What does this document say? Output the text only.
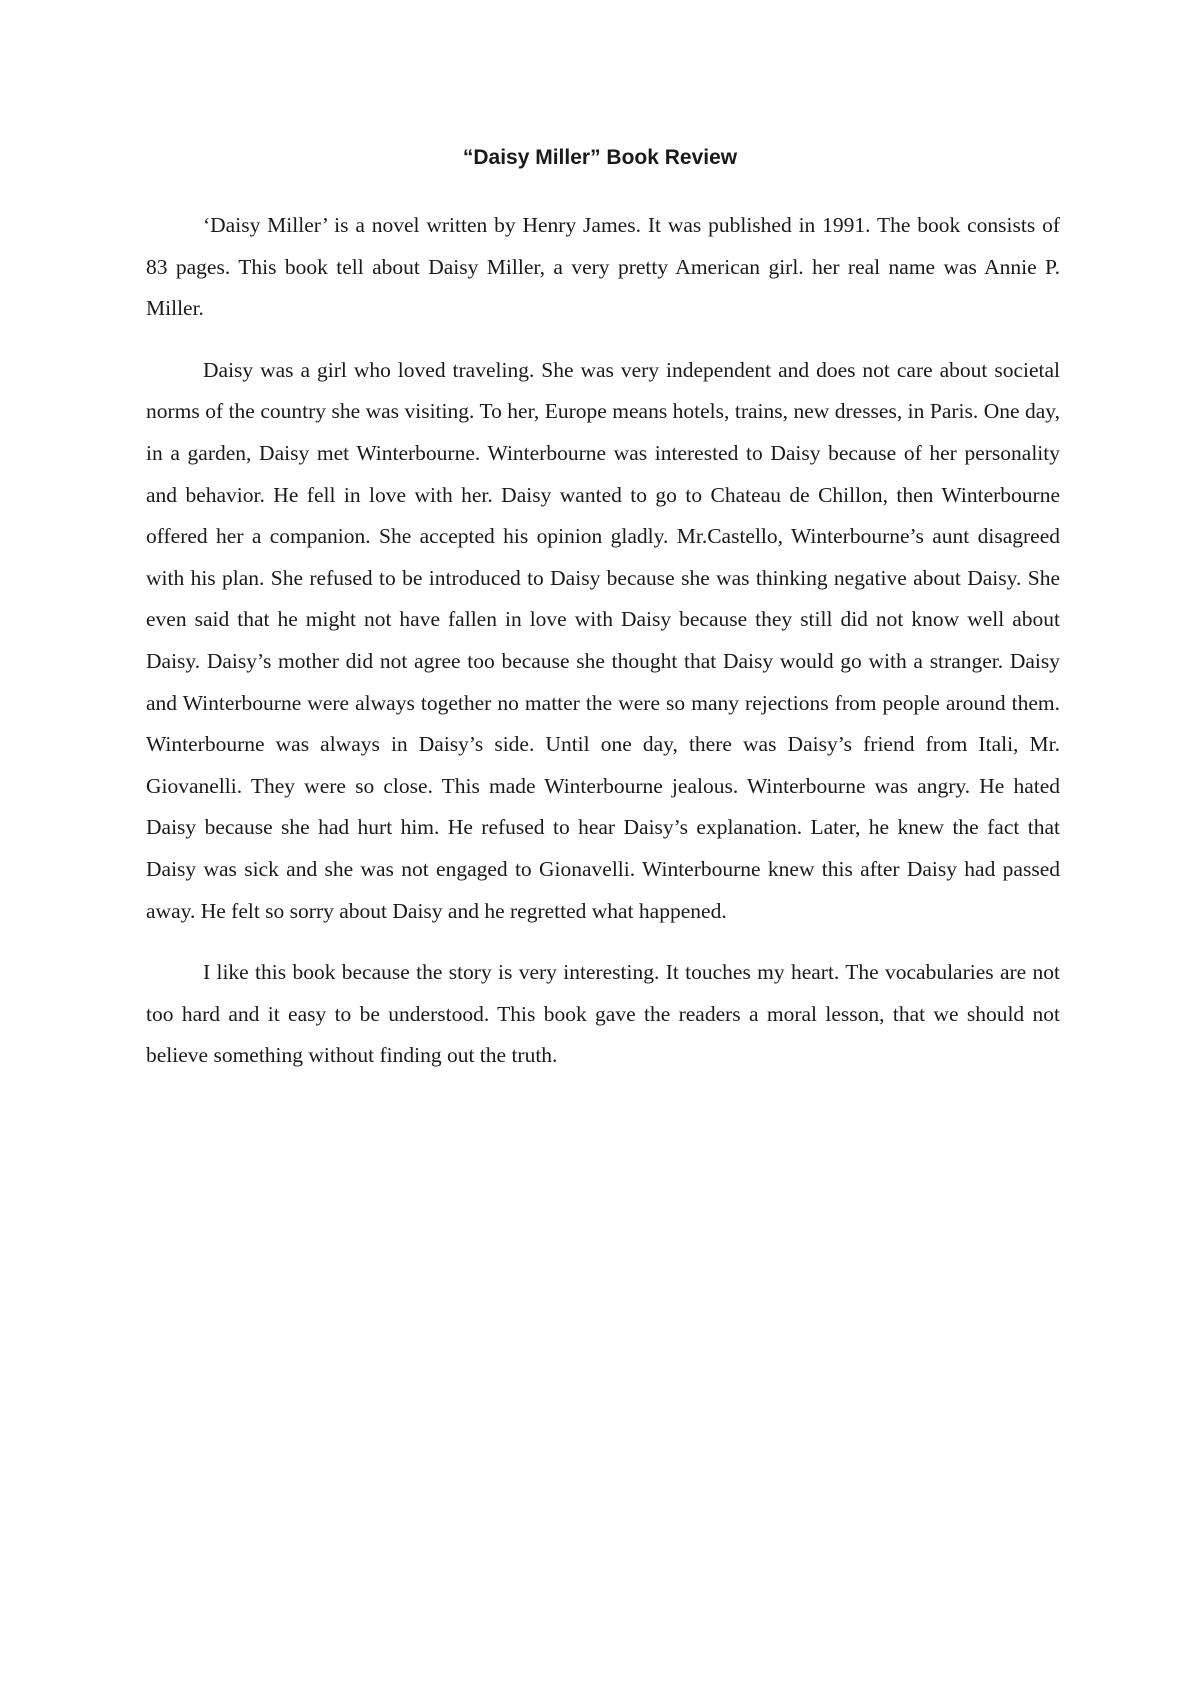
“Daisy Miller” Book Review

‘Daisy Miller’ is a novel written by Henry James. It was published in 1991. The book consists of 83 pages. This book tell about Daisy Miller, a very pretty American girl. her real name was Annie P. Miller.

Daisy was a girl who loved traveling. She was very independent and does not care about societal norms of the country she was visiting. To her, Europe means hotels, trains, new dresses, in Paris. One day, in a garden, Daisy met Winterbourne. Winterbourne was interested to Daisy because of her personality and behavior. He fell in love with her. Daisy wanted to go to Chateau de Chillon, then Winterbourne offered her a companion. She accepted his opinion gladly. Mr.Castello, Winterbourne’s aunt disagreed with his plan. She refused to be introduced to Daisy because she was thinking negative about Daisy. She even said that he might not have fallen in love with Daisy because they still did not know well about Daisy. Daisy’s mother did not agree too because she thought that Daisy would go with a stranger. Daisy and Winterbourne were always together no matter the were so many rejections from people around them. Winterbourne was always in Daisy’s side. Until one day, there was Daisy’s friend from Itali, Mr. Giovanelli. They were so close. This made Winterbourne jealous. Winterbourne was angry. He hated Daisy because she had hurt him. He refused to hear Daisy’s explanation. Later, he knew the fact that Daisy was sick and she was not engaged to Gionavelli. Winterbourne knew this after Daisy had passed away. He felt so sorry about Daisy and he regretted what happened.

I like this book because the story is very interesting. It touches my heart. The vocabularies are not too hard and it easy to be understood. This book gave the readers a moral lesson, that we should not believe something without finding out the truth.
